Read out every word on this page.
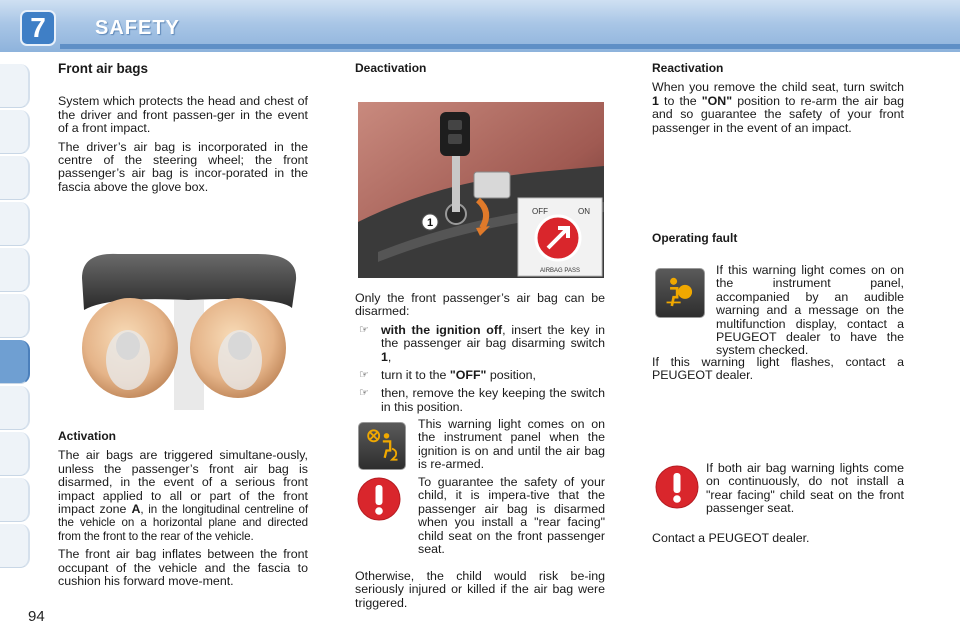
7	SAFETY
Front air bags

System which protects the head and chest of the driver and front passen-ger in the event of a front impact.

The driver’s air bag is incorporated in the centre of the steering wheel; the front passenger’s air bag is incor-porated in the fascia above the glove box.

Activation

The air bags are triggered simultane-ously, unless the passenger’s front air bag is disarmed, in the event of a serious front impact applied to all or part of the front impact zone A, in the longitudinal centreline of the vehicle on a horizontal plane and directed from the front to the rear of the vehicle.

The front air bag inflates between the front occupant of the vehicle and the fascia to cushion his forward move-ment.

94
Deactivation
1
OFF	ON
AIRBAG PASS

Only the front passenger’s air bag can be disarmed:

☞ with the ignition off, insert the key in the passenger air bag disarming switch 1,
☞ turn it to the "OFF" position,
☞ then, remove the key keeping the switch in this position.

This warning light comes on on the instrument panel when the ignition is on and until the air bag is re-armed.

To guarantee the safety of your child, it is impera-tive that the passenger air bag is disarmed when you install a "rear facing" child seat on the front passenger seat.

Otherwise, the child would risk be-ing seriously injured or killed if the air bag were triggered.

Reactivation

When you remove the child seat, turn switch 1 to the "ON" position to re-arm the air bag and so guarantee the safety of your front passenger in the event of an impact.

Operating fault

If this warning light comes on on the instrument panel, accompanied by an audible warning and a message on the multifunction display, contact a PEUGEOT dealer to have the system checked.

If this warning light flashes, contact a PEUGEOT dealer.

If both air bag warning lights come on continuously, do not install a "rear facing" child seat on the front passenger seat.

Contact a PEUGEOT dealer.
